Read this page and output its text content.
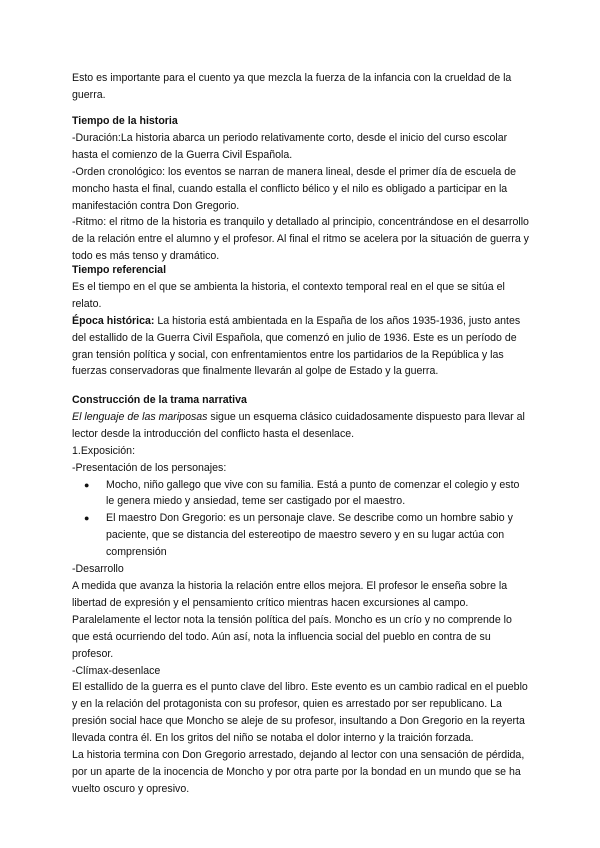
Esto es importante para el cuento ya que mezcla la fuerza de la infancia con la crueldad de la guerra.

Tiempo de la historia

-Duración:La historia abarca un periodo relativamente corto, desde el inicio del curso escolar hasta el comienzo de la Guerra Civil Española.

-Orden cronológico: los eventos se narran de manera lineal, desde el primer día de escuela de moncho hasta el final, cuando estalla el conflicto bélico y el nilo es obligado a participar en la manifestación contra Don Gregorio.

-Ritmo: el ritmo de la historia es tranquilo y detallado al principio, concentrándose en el desarrollo de la relación entre el alumno y el profesor. Al final el ritmo se acelera por la situación de guerra y todo es más tenso y dramático.

Tiempo referencial

Es el tiempo en el que se ambienta la historia, el contexto temporal real en el que se sitúa el relato.

Época histórica: La historia está ambientada en la España de los años 1935-1936, justo antes del estallido de la Guerra Civil Española, que comenzó en julio de 1936. Este es un período de gran tensión política y social, con enfrentamientos entre los partidarios de la República y las fuerzas conservadoras que finalmente llevarán al golpe de Estado y la guerra.

Construcción de la trama narrativa

El lenguaje de las mariposas sigue un esquema clásico cuidadosamente dispuesto para llevar al lector desde la introducción del conflicto hasta el desenlace.

1.Exposición:

-Presentación de los personajes:

● Mocho, niño gallego que vive con su familia. Está a punto de comenzar el colegio y esto le genera miedo y ansiedad, teme ser castigado por el maestro.
● El maestro Don Gregorio: es un personaje clave. Se describe como un hombre sabio y paciente, que se distancia del estereotipo de maestro severo y en su lugar actúa con comprensión

-Desarrollo

A medida que avanza la historia la relación entre ellos mejora. El profesor le enseña sobre la libertad de expresión y el pensamiento crítico mientras hacen excursiones al campo. Paralelamente el lector nota la tensión política del país. Moncho es un crío y no comprende lo que está ocurriendo del todo. Aún así, nota la influencia social del pueblo en contra de su profesor.

-Clímax-desenlace

El estallido de la guerra es el punto clave del libro. Este evento es un cambio radical en el pueblo y en la relación del protagonista con su profesor, quien es arrestado por ser republicano. La presión social hace que Moncho se aleje de su profesor, insultando a Don Gregorio en la reyerta llevada contra él. En los gritos del niño se notaba el dolor interno y la traición forzada.

La historia termina con Don Gregorio arrestado, dejando al lector con una sensación de pérdida, por un aparte de la inocencia de Moncho y por otra parte por la bondad en un mundo que se ha vuelto oscuro y opresivo.
